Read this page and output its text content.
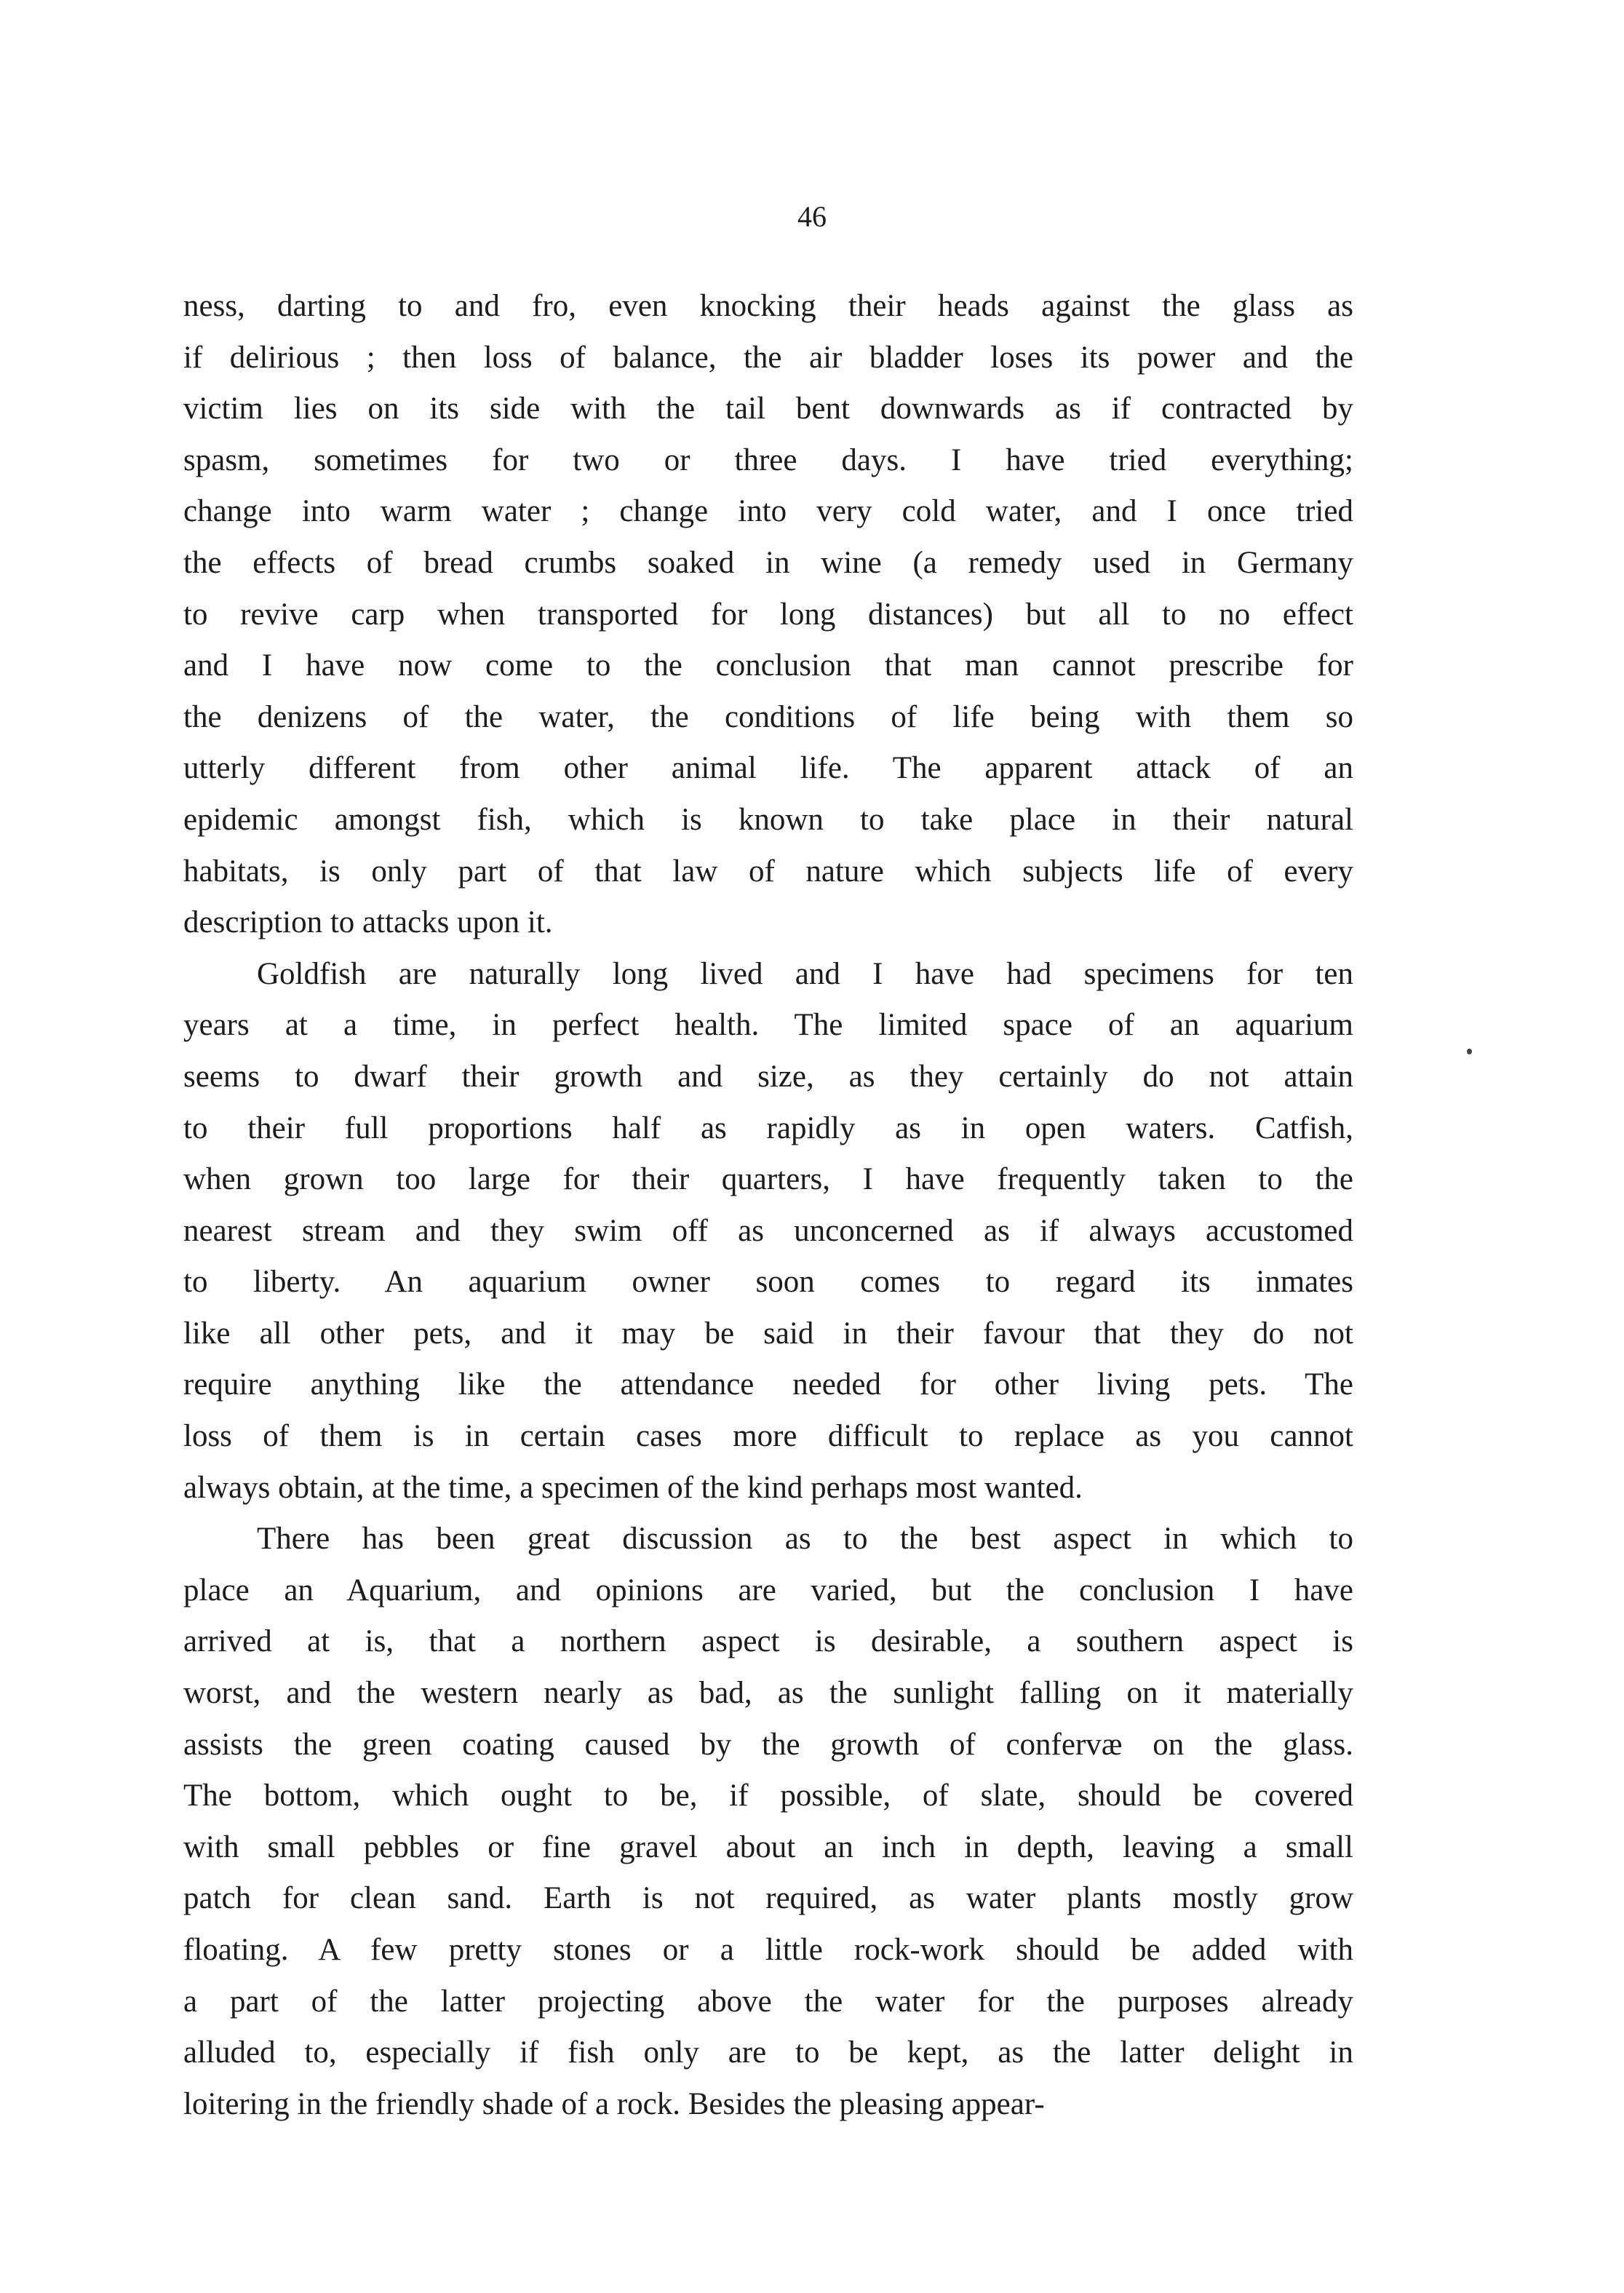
46
ness, darting to and fro, even knocking their heads against the glass as
if delirious ; then loss of balance, the air bladder loses its power and the
victim lies on its side with the tail bent downwards as if contracted by
spasm, sometimes for two or three days. I have tried everything;
change into warm water ; change into very cold water, and I once tried
the effects of bread crumbs soaked in wine (a remedy used in Germany
to revive carp when transported for long distances) but all to no effect
and I have now come to the conclusion that man cannot prescribe for
the denizens of the water, the conditions of life being with them so
utterly different from other animal life. The apparent attack of an
epidemic amongst fish, which is known to take place in their natural
habitats, is only part of that law of nature which subjects life of every
description to attacks upon it.
Goldfish are naturally long lived and I have had specimens for ten
years at a time, in perfect health. The limited space of an aquarium
seems to dwarf their growth and size, as they certainly do not attain
to their full proportions half as rapidly as in open waters. Catfish,
when grown too large for their quarters, I have frequently taken to the
nearest stream and they swim off as unconcerned as if always accustomed
to liberty. An aquarium owner soon comes to regard its inmates
like all other pets, and it may be said in their favour that they do not
require anything like the attendance needed for other living pets. The
loss of them is in certain cases more difficult to replace as you cannot
always obtain, at the time, a specimen of the kind perhaps most wanted.
There has been great discussion as to the best aspect in which to
place an Aquarium, and opinions are varied, but the conclusion I have
arrived at is, that a northern aspect is desirable, a southern aspect is
worst, and the western nearly as bad, as the sunlight falling on it materially
assists the green coating caused by the growth of confervæ on the glass.
The bottom, which ought to be, if possible, of slate, should be covered
with small pebbles or fine gravel about an inch in depth, leaving a small
patch for clean sand. Earth is not required, as water plants mostly grow
floating. A few pretty stones or a little rock-work should be added with
a part of the latter projecting above the water for the purposes already
alluded to, especially if fish only are to be kept, as the latter delight in
loitering in the friendly shade of a rock. Besides the pleasing appear-
